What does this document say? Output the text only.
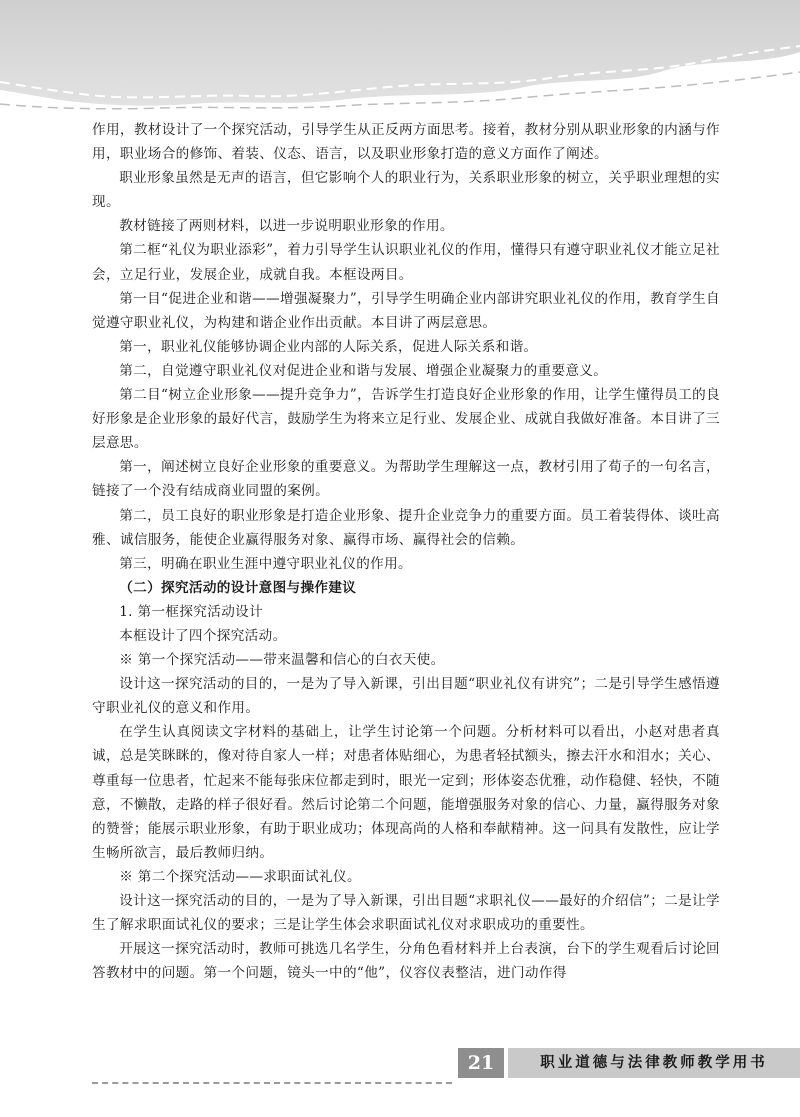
作用，教材设计了一个探究活动，引导学生从正反两方面思考。接着，教材分别从职业形象的内涵与作用，职业场合的修饰、着装、仪态、语言，以及职业形象打造的意义方面作了阐述。

职业形象虽然是无声的语言，但它影响个人的职业行为，关系职业形象的树立，关乎职业理想的实现。

教材链接了两则材料，以进一步说明职业形象的作用。

第二框“礼仪为职业添彩”，着力引导学生认识职业礼仪的作用，懂得只有遵守职业礼仪才能立足社会，立足行业，发展企业，成就自我。本框设两目。

第一目“促进企业和谐——增强凝聚力”，引导学生明确企业内部讲究职业礼仪的作用，教育学生自觉遵守职业礼仪，为构建和谐企业作出贡献。本目讲了两层意思。

第一，职业礼仪能够协调企业内部的人际关系，促进人际关系和谐。

第二，自觉遵守职业礼仪对促进企业和谐与发展、增强企业凝聚力的重要意义。

第二目“树立企业形象——提升竞争力”，告诉学生打造良好企业形象的作用，让学生懂得员工的良好形象是企业形象的最好代言，鼓励学生为将来立足行业、发展企业、成就自我做好准备。本目讲了三层意思。

第一，阐述树立良好企业形象的重要意义。为帮助学生理解这一点，教材引用了荀子的一句名言，链接了一个没有结成商业同盟的案例。

第二，员工良好的职业形象是打造企业形象、提升企业竞争力的重要方面。员工着装得体、谈吐高雅、诚信服务，能使企业赢得服务对象、赢得市场、赢得社会的信赖。

第三，明确在职业生涯中遵守职业礼仪的作用。

（二）探究活动的设计意图与操作建议

1. 第一框探究活动设计

本框设计了四个探究活动。

※ 第一个探究活动——带来温馨和信心的白衣天使。

设计这一探究活动的目的，一是为了导入新课，引出目题“职业礼仪有讲究”；二是引导学生感悟遵守职业礼仪的意义和作用。

在学生认真阅读文字材料的基础上，让学生讨论第一个问题。分析材料可以看出，小赵对患者真诚，总是笑眯眯的，像对待自家人一样；对患者体贴细心，为患者轻拭额头，擦去汗水和泪水；关心、尊重每一位患者，忙起来不能每张床位都走到时，眼光一定到；形体姿态优雅，动作稳健、轻快，不随意，不懒散，走路的样子很好看。然后讨论第二个问题，能增强服务对象的信心、力量，赢得服务对象的赞誉；能展示职业形象，有助于职业成功；体现高尚的人格和奉献精神。这一问具有发散性，应让学生畅所欲言，最后教师归纳。

※ 第二个探究活动——求职面试礼仪。

设计这一探究活动的目的，一是为了导入新课，引出目题“求职礼仪——最好的介绍信”；二是让学生了解求职面试礼仪的要求；三是让学生体会求职面试礼仪对求职成功的重要性。

开展这一探究活动时，教师可挑选几名学生，分角色看材料并上台表演，台下的学生观看后讨论回答教材中的问题。第一个问题，镜头一中的“他”，仪容仪表整洁，进门动作得

21	职业道德与法律教师教学用书
